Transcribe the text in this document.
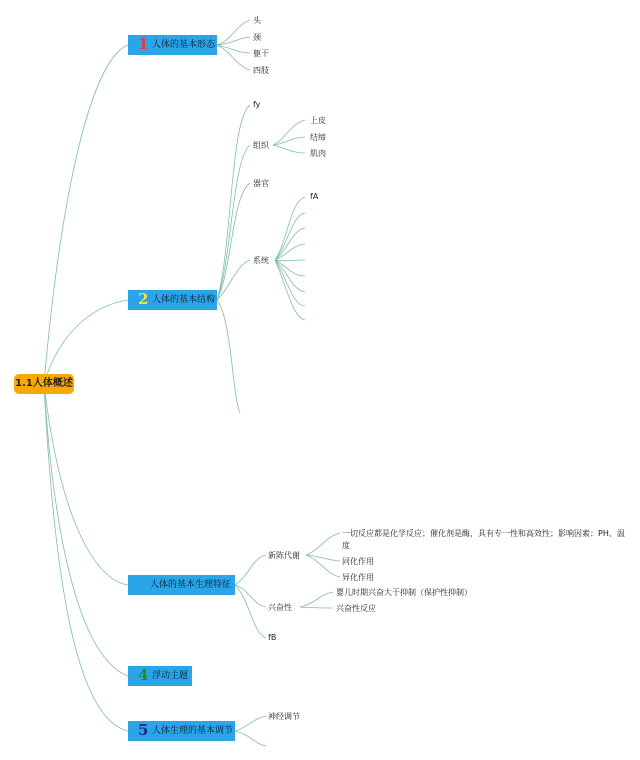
1.1人体概述
1 人体的基本形态
头
颈
躯干
四肢
2 人体的基本结构
fy
组织
上皮
结缔
肌肉
器官
系统
fA
人体的基本生理特征
新陈代谢
一切反应都是化学反应；催化剂是酶，具有专一性和高效性；影响因素：PH、温
度
同化作用
异化作用
兴奋性
婴儿时期兴奋大于抑制（保护性抑制）
兴奋性反应
fB
4 浮动主题
5 人体生理的基本调节
神经调节
